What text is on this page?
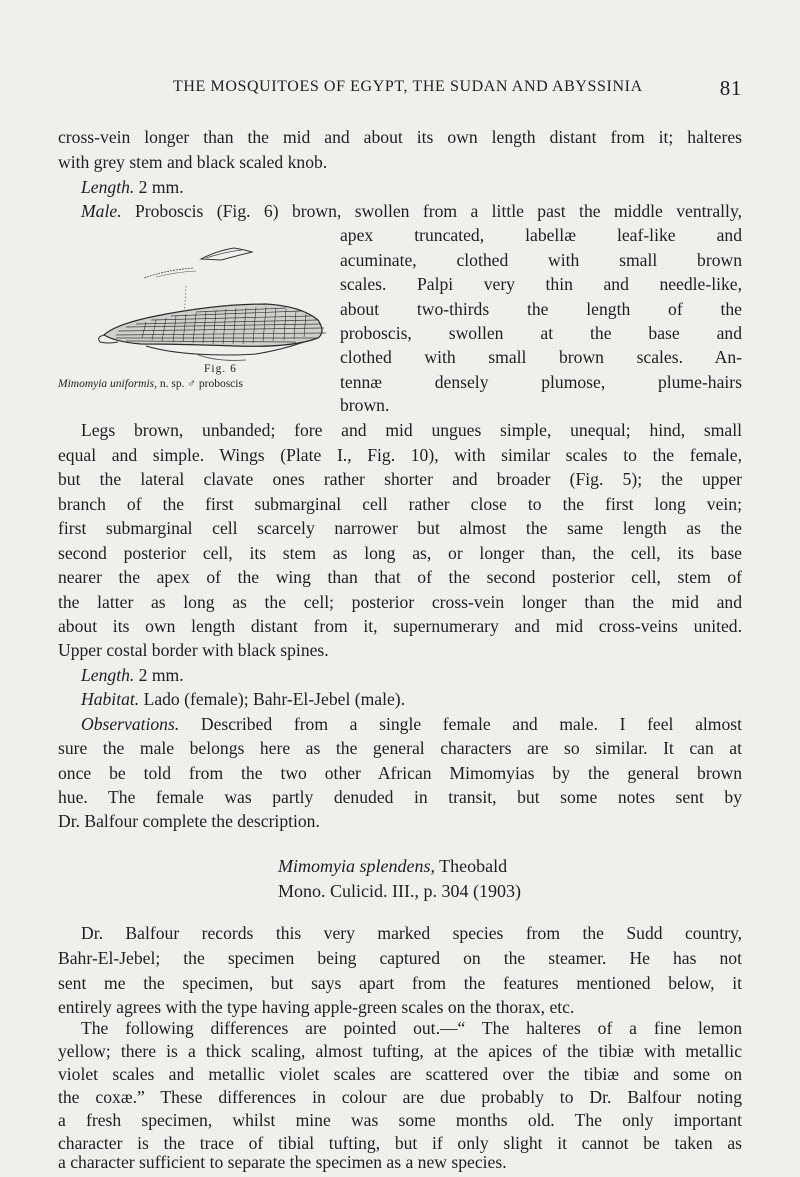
THE MOSQUITOES OF EGYPT, THE SUDAN AND ABYSSINIA	81
cross-vein longer than the mid and about its own length distant from it; halteres
with grey stem and black scaled knob.
Length. 2 mm.
Male. Proboscis (Fig. 6) brown, swollen from a little past the middle ventrally,
apex truncated, labellæ leaf-like and
acuminate, clothed with small brown
scales. Palpi very thin and needle-like,
about two-thirds the length of the
proboscis, swollen at the base and
clothed with small brown scales. An-
tennæ densely plumose, plume-hairs
brown.
Fig. 6
Mimomyia uniformis, n. sp. ♂ proboscis
Legs brown, unbanded; fore and mid ungues simple, unequal; hind, small
equal and simple. Wings (Plate I., Fig. 10), with similar scales to the female,
but the lateral clavate ones rather shorter and broader (Fig. 5); the upper
branch of the first submarginal cell rather close to the first long vein;
first submarginal cell scarcely narrower but almost the same length as the
second posterior cell, its stem as long as, or longer than, the cell, its base
nearer the apex of the wing than that of the second posterior cell, stem of
the latter as long as the cell; posterior cross-vein longer than the mid and
about its own length distant from it, supernumerary and mid cross-veins united.
Upper costal border with black spines.
Length. 2 mm.
Habitat. Lado (female); Bahr-El-Jebel (male).
Observations. Described from a single female and male. I feel almost
sure the male belongs here as the general characters are so similar. It can at
once be told from the two other African Mimomyias by the general brown
hue. The female was partly denuded in transit, but some notes sent by
Dr. Balfour complete the description.
Mimomyia splendens, Theobald
Mono. Culicid. III., p. 304 (1903)
Dr. Balfour records this very marked species from the Sudd country,
Bahr-El-Jebel; the specimen being captured on the steamer. He has not
sent me the specimen, but says apart from the features mentioned below, it
entirely agrees with the type having apple-green scales on the thorax, etc.
The following differences are pointed out.—“ The halteres of a fine lemon
yellow; there is a thick scaling, almost tufting, at the apices of the tibiæ with metallic
violet scales and metallic violet scales are scattered over the tibiæ and some on
the coxæ.” These differences in colour are due probably to Dr. Balfour noting
a fresh specimen, whilst mine was some months old. The only important
character is the trace of tibial tufting, but if only slight it cannot be taken as
a character sufficient to separate the specimen as a new species.
